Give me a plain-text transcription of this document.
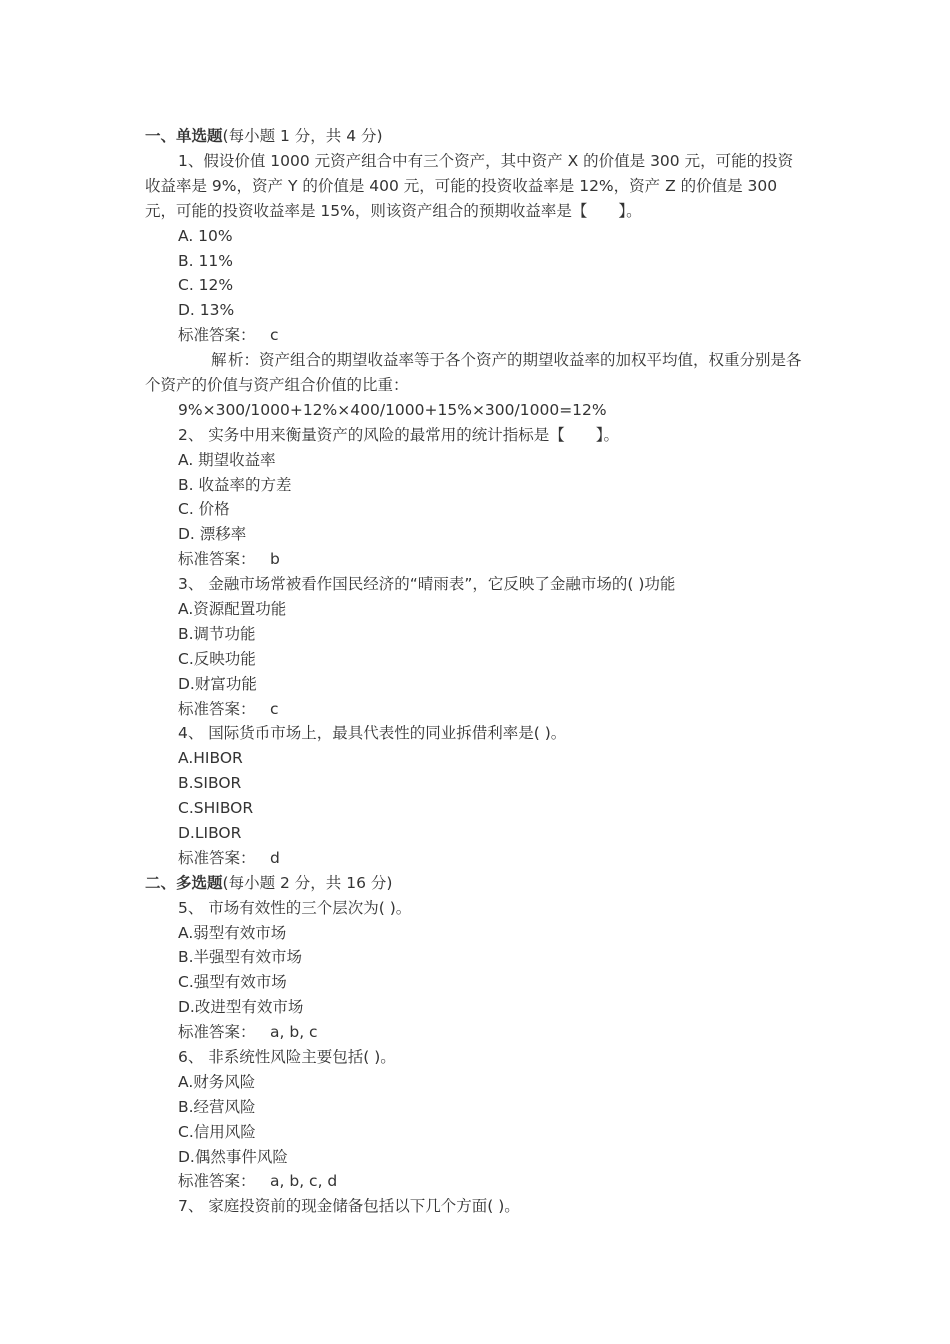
一、单选题(每小题 1 分，共 4 分)
1、假设价值 1000 元资产组合中有三个资产，其中资产 X 的价值是 300 元，可能的投资收益率是 9%，资产 Y 的价值是 400 元，可能的投资收益率是 12%，资产 Z 的价值是 300 元，可能的投资收益率是 15%，则该资产组合的预期收益率是【　　】。
A. 10%
B. 11%
C. 12%
D. 13%
标准答案： c
解析：资产组合的期望收益率等于各个资产的期望收益率的加权平均值，权重分别是各个资产的价值与资产组合价值的比重：
9%×300/1000+12%×400/1000+15%×300/1000=12%
2、 实务中用来衡量资产的风险的最常用的统计指标是【　　】。
A. 期望收益率
B. 收益率的方差
C. 价格
D. 漂移率
标准答案： b
3、 金融市场常被看作国民经济的“晴雨表”，它反映了金融市场的( )功能
A.资源配置功能
B.调节功能
C.反映功能
D.财富功能
标准答案： c
4、 国际货币市场上，最具代表性的同业拆借利率是( )。
A.HIBOR
B.SIBOR
C.SHIBOR
D.LIBOR
标准答案： d
二、多选题(每小题 2 分，共 16 分)
5、 市场有效性的三个层次为( )。
A.弱型有效市场
B.半强型有效市场
C.强型有效市场
D.改进型有效市场
标准答案： a, b, c
6、 非系统性风险主要包括( )。
A.财务风险
B.经营风险
C.信用风险
D.偶然事件风险
标准答案： a, b, c, d
7、 家庭投资前的现金储备包括以下几个方面( )。
